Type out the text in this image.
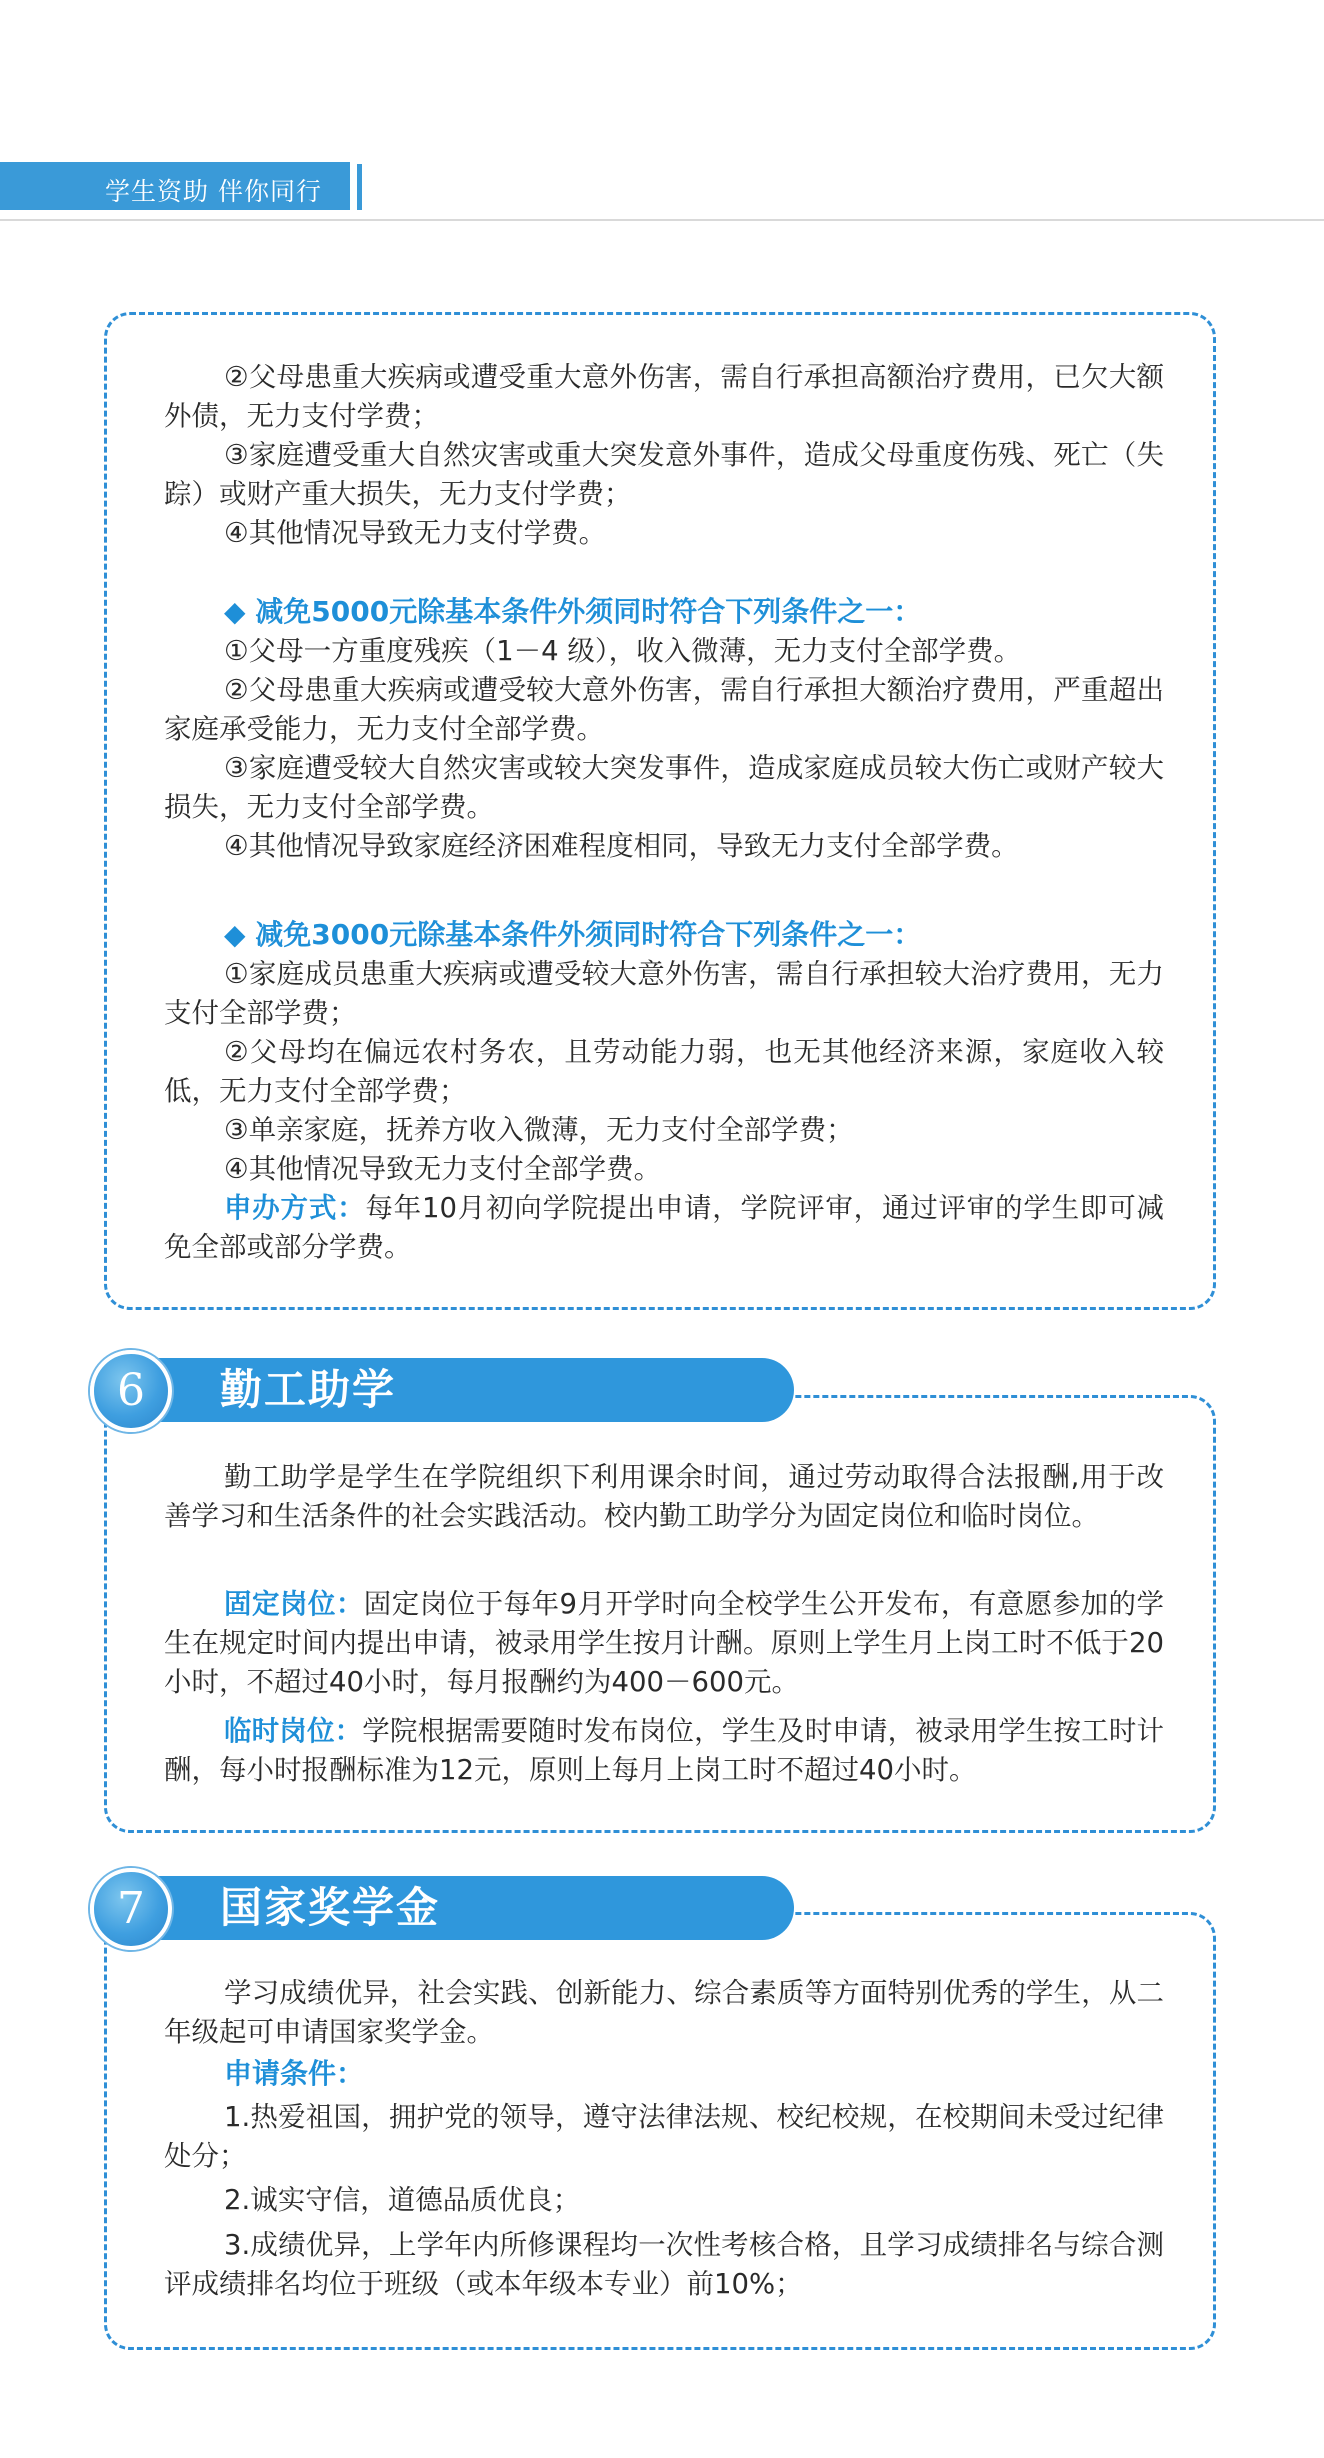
学生资助 伴你同行

②父母患重大疾病或遭受重大意外伤害，需自行承担高额治疗费用，已欠大额外债，无力支付学费；

③家庭遭受重大自然灾害或重大突发意外事件，造成父母重度伤残、死亡（失踪）或财产重大损失，无力支付学费；

④其他情况导致无力支付学费。

◆ 减免5000元除基本条件外须同时符合下列条件之一：

①父母一方重度残疾（1－4 级），收入微薄，无力支付全部学费。

②父母患重大疾病或遭受较大意外伤害，需自行承担大额治疗费用，严重超出家庭承受能力，无力支付全部学费。

③家庭遭受较大自然灾害或较大突发事件，造成家庭成员较大伤亡或财产较大损失，无力支付全部学费。

④其他情况导致家庭经济困难程度相同，导致无力支付全部学费。

◆ 减免3000元除基本条件外须同时符合下列条件之一：

①家庭成员患重大疾病或遭受较大意外伤害，需自行承担较大治疗费用，无力支付全部学费；

②父母均在偏远农村务农，且劳动能力弱，也无其他经济来源，家庭收入较低，无力支付全部学费；

③单亲家庭，抚养方收入微薄，无力支付全部学费；

④其他情况导致无力支付全部学费。

申办方式：每年10月初向学院提出申请，学院评审，通过评审的学生即可减免全部或部分学费。

6	勤工助学

勤工助学是学生在学院组织下利用课余时间，通过劳动取得合法报酬,用于改善学习和生活条件的社会实践活动。校内勤工助学分为固定岗位和临时岗位。

固定岗位：固定岗位于每年9月开学时向全校学生公开发布，有意愿参加的学生在规定时间内提出申请，被录用学生按月计酬。原则上学生月上岗工时不低于20小时，不超过40小时，每月报酬约为400－600元。

临时岗位：学院根据需要随时发布岗位，学生及时申请，被录用学生按工时计酬，每小时报酬标准为12元，原则上每月上岗工时不超过40小时。

7	国家奖学金

学习成绩优异，社会实践、创新能力、综合素质等方面特别优秀的学生，从二年级起可申请国家奖学金。

申请条件：

1.热爱祖国，拥护党的领导，遵守法律法规、校纪校规，在校期间未受过纪律处分；

2.诚实守信，道德品质优良；

3.成绩优异，上学年内所修课程均一次性考核合格，且学习成绩排名与综合测评成绩排名均位于班级（或本年级本专业）前10%；
